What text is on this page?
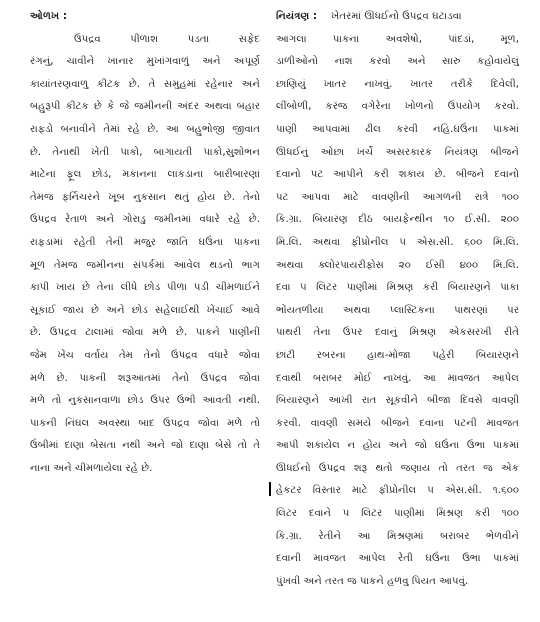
ઓળખ :
ઉપદ્રવ પીળાશ પડતા સફેદ
રંગનું, ચાવીને ખાનાર મુખાંગવાળું અને અપૂર્ણ
કાયાંતરણવાળુ કીટક છે. તે સમુહમાં રહેનાર અને
બહુરૂપી કીટક છે કે જે જમીનની અંદર અથવા બહાર
રાફડો બનાવીને તેમાં રહે છે. આ બહુભોજી જીવાત
છે. તેનાથી ખેતી પાકો, બાગાયતી પાકો,સુશોભન
માટેના ફૂલ છોડ, મકાનના લાકડાના બારીબારણાં
તેમજ ફર્નિચરને ખૂબ નુકસાન થતું હોય છે. તેનો
ઉપદ્રવ રેતાળ અને ગોરાડુ જમીનમાં વધારે રહે છે.
રાફડામાં રહેતી તેની મજુર જાતિ ઘઉંના પાકના
મૂળ તેમજ જમીનના સંપર્કમાં આવેલ થડનો ભાગ
કાપી ખાય છે તેના લીધે છોડ પીળા પડી ચીમળાઈને
સૂકાઈ જાય છે અને છોડ સહેલાઈથી ખેંચાઈ આવે
છે. ઉપદ્રવ ટાલામાં જોવા મળે છે. પાકને પાણીની
જેમ ખેંચ વર્તાય તેમ તેનો ઉપદ્રવ વધારે જોવા
મળે છે. પાકની શરૂઆતમાં તેનો ઉપદ્રવ જોવા
મળે તો નુકસાનવાળા છોડ ઉપર ઉભી આવતી નથી.
પાકની નિંઘલ અવસ્થા બાદ ઉપદ્રવ જોવા મળે તો
ઉંબીમાં દાણા બેસતા નથી અને જો દાણા બેસે તો તે
નાના અને ચીમળાયેલા રહે છે.
નિયંત્રણ : ખેતરમાં ઊધઈનો ઉપદ્રવ ઘટાડવા
આગલા પાકના અવશેષો, પાંદડાં, મૂળ,
ડાળીઓનો નાશ કરવો અને સારુ કહોવાયેલું
છાણિયું ખાતર નાખવું. ખાતર તરીકે દિવેલી,
લીંબોળી, કરંજ વગેરેના ખોળનો ઉપયોગ કરવો.
પાણી આપવામાં ઢીલ કરવી નહિ.ઘઉંના પાકમાં
ઊધઈનું ઓછા ખર્ચે અસરકારક નિયંત્રણ બીજને
દવાનો પટ આપીને કરી શકાય છે. બીજને દવાનો
પટ આપવા માટે વાવણીની આગળની રાત્રે ૧૦૦
કિ.ગ્રા. બિયારણ દીઠ બાયફેન્થીન ૧૦ ઈ.સી. ૨૦૦
મિ.લિ. અથવા ફીપ્રોનીલ ૫ એસ.સી. ૬૦૦ મિ.લિ.
અથવા ક્લોરપાયરીફોસ ૨૦ ઈસી ૪૦૦ મિ.લિ.
દવા ૫ લિટર પાણીમાં મિશ્રણ કરી બિયારણને પાકા
ભોંયતળીયા અથવા પ્લાસ્ટિકના પાથરણાં પર
પાથરી તેના ઉપર દવાનું મિશ્રણ એકસરખી રીતે
છાંટી રબરના હાથ-મોજા પહેરી બિયારણને
દવાથી બરાબર મોઈ નાખવું. આ માવજત આપેલ
બિયારણને આખી રાત સૂકવીને બીજા દિવસે વાવણી
કરવી. વાવણી સમયે બીજને દવાના પટની માવજત
આપી શકાયેલ ન હોય અને જો ઘઉંના ઉભા પાકમાં
ઊધઈનો ઉપદ્રવ શરૂ થતો જણાય તો તરત જ એક
હેકટર વિસ્તાર માટે ફીપ્રોનીલ ૫ એસ.સી. ૧.૬૦૦
લિટર દવાને ૫ લિટર પાણીમાં મિશ્રણ કરી ૧૦૦
કિ.ગ્રા. રેતીને આ મિશ્રણમાં બરાબર ભેળવીને
દવાની માવજત આપેલ રેતી ઘઉંના ઉભા પાકમાં
પુંખવી અને તરત જ પાકને હળવુ પિયત આપવું.
